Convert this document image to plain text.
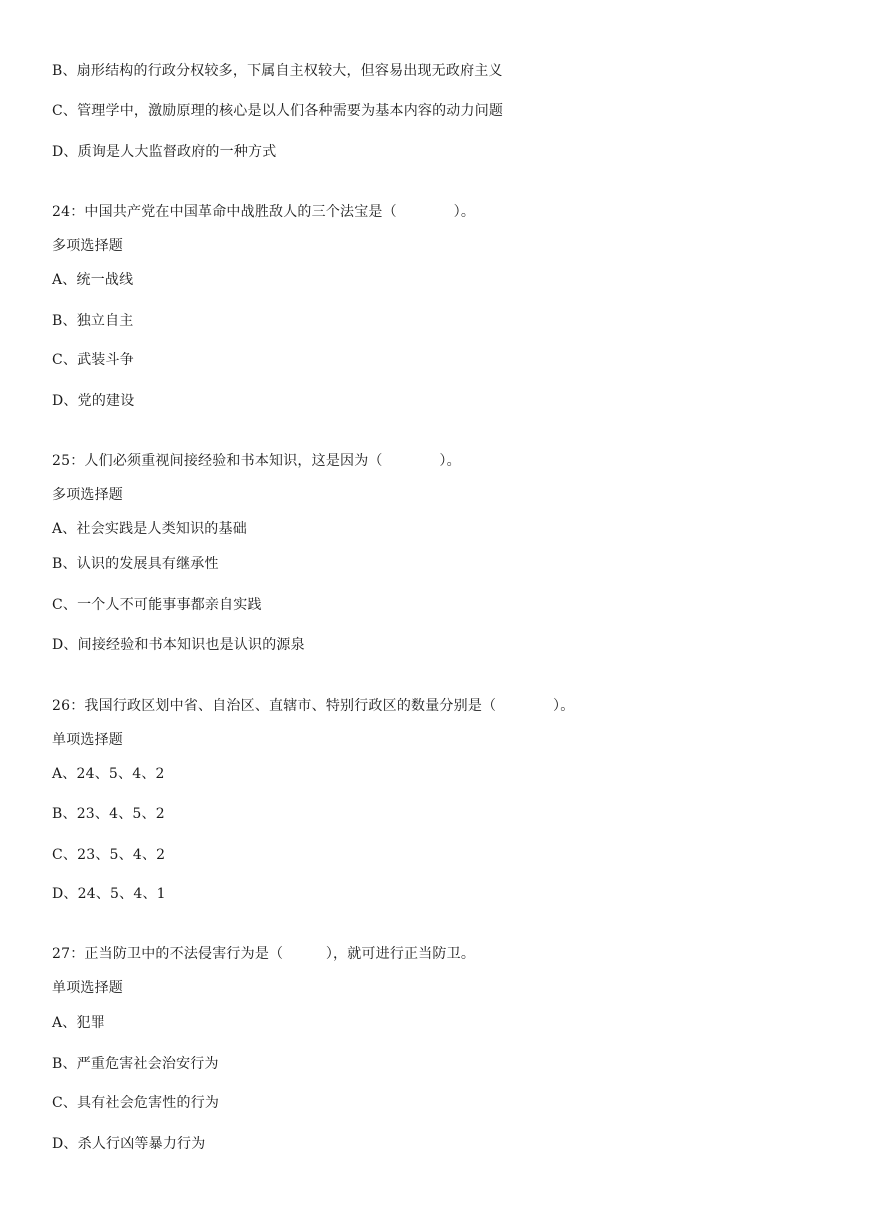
B、扇形结构的行政分权较多，下属自主权较大，但容易出现无政府主义
C、管理学中，激励原理的核心是以人们各种需要为基本内容的动力问题
D、质询是人大监督政府的一种方式
24：中国共产党在中国革命中战胜敌人的三个法宝是（　　　　）。
多项选择题
A、统一战线
B、独立自主
C、武装斗争
D、党的建设
25：人们必须重视间接经验和书本知识，这是因为（　　　　）。
多项选择题
A、社会实践是人类知识的基础
B、认识的发展具有继承性
C、一个人不可能事事都亲自实践
D、间接经验和书本知识也是认识的源泉
26：我国行政区划中省、自治区、直辖市、特别行政区的数量分别是（　　　　）。
单项选择题
A、24、5、4、2
B、23、4、5、2
C、23、5、4、2
D、24、5、4、1
27：正当防卫中的不法侵害行为是（　　　），就可进行正当防卫。
单项选择题
A、犯罪
B、严重危害社会治安行为
C、具有社会危害性的行为
D、杀人行凶等暴力行为
